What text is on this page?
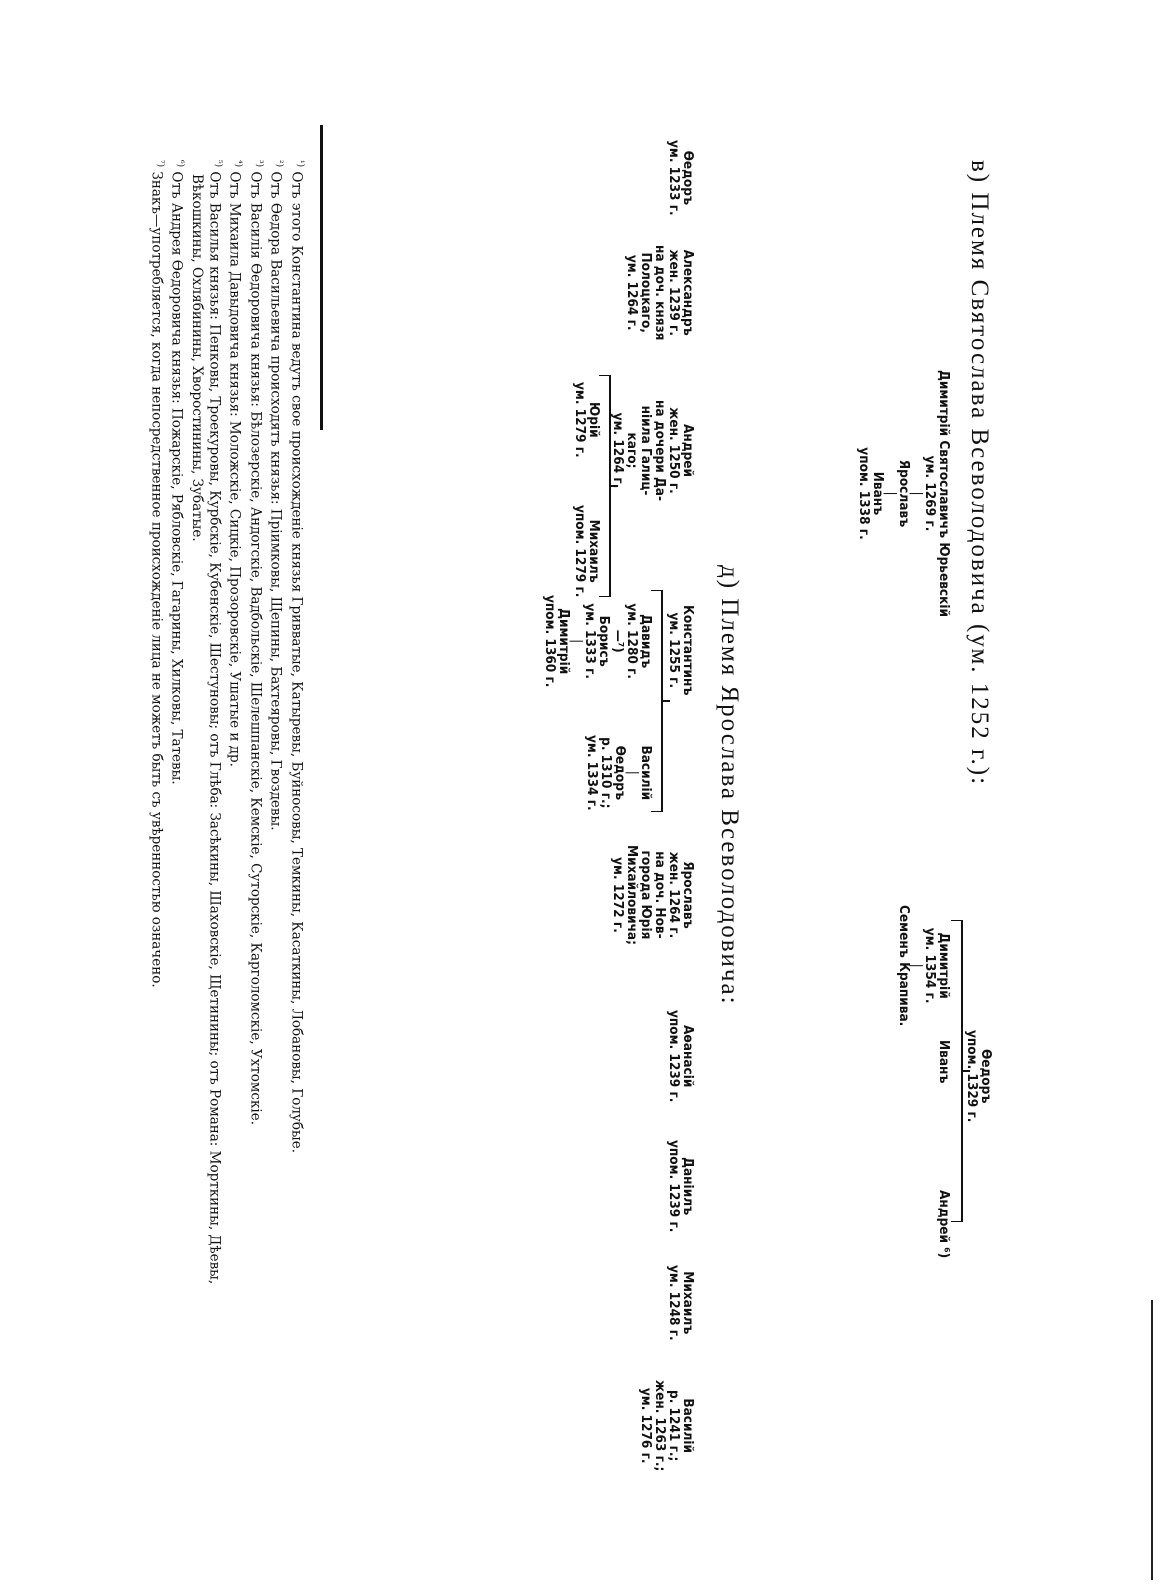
в) Племя Святослава Всеволодовича (ум. 1252 г.):
Димитрій Святославичъ Юрьевскій
ум. 1269 г.
|
Ярославъ
|
Иванъ
упом. 1338 г.
Өедоръ
упом. 1329 г.
Димитрій
ум. 1354 г.
|
Семенъ Крапива.
Иванъ
Андрей ⁶)
д) Племя Ярослава Всеволодовича:
Өедоръ
ум. 1233 г.
Александръ
жен. 1239 г.
на доч. князя
Полоцкаго,
ум. 1264 г.
Андрей
жен. 1250 г.
на дочери Да-
ніила Галиц-
каго;
ум. 1264 г.
Юрій
ум. 1279 г.
Михаилъ
упом. 1279 г.
Константинъ
ум. 1255 г.
Давидъ
ум. 1280 г.
—⁷)
Борисъ
ум. 1333 г.
|
Димитрій
упом. 1360 г.
Василій
|
Өедоръ
р. 1310 г.;
ум. 1334 г.
Ярославъ
жен. 1264 г.
на доч. Нов-
города Юрія
Михайловича;
ум. 1272 г.
Аөанасій
упом. 1239 г.
Даніилъ
упом. 1239 г.
Михаилъ
ум. 1248 г.
Василій
р. 1241 г.;
жен. 1263 г.;
ум. 1276 г.
$^{^1)}$ Отъ этого Константина ведутъ свое происхожденіе князья Гривватые, Катыревы, Буйносовы, Темкины, Касаткины, Лобановы, Голубые.
$^{^2)}$ Отъ Өедора Васильевича происходятъ князья: Пріимковы, Щепины, Бахтеяровы, Гвоздевы.
$^{^3)}$ Отъ Василія Өедоровича князья: Бѣлозерскіе, Андогскіе, Вадбольскіе, Шелешпанскіе, Кемскіе, Суторскіе, Карголомскіе, Ухтомскіе.
$^{^4)}$ Отъ Михаила Давыдовича князья: Моложскіе, Сицкіе, Прозоровскіе, Ушатые и др.
$^{^5)}$ Отъ Василья князья: Пенковы, Троекуровы, Курбскіе, Кубенскіе, Шестуновы; отъ Глѣба: Засѣкины, Шаховскіе, Щетинины; отъ Романа: Морткины, Дѣевы,
Вѣкошкины, Охлябинины, Хворостинины, Зубатые.
$^{^6)}$ Отъ Андрея Өедоровича князья: Пожарскіе, Рябловскіе, Гагарины, Хилковы, Татевы.
$^{^7)}$ Знакъ—употребляется, когда непосредственное происхожденіе лица не можетъ быть съ увѣренностью означено.
